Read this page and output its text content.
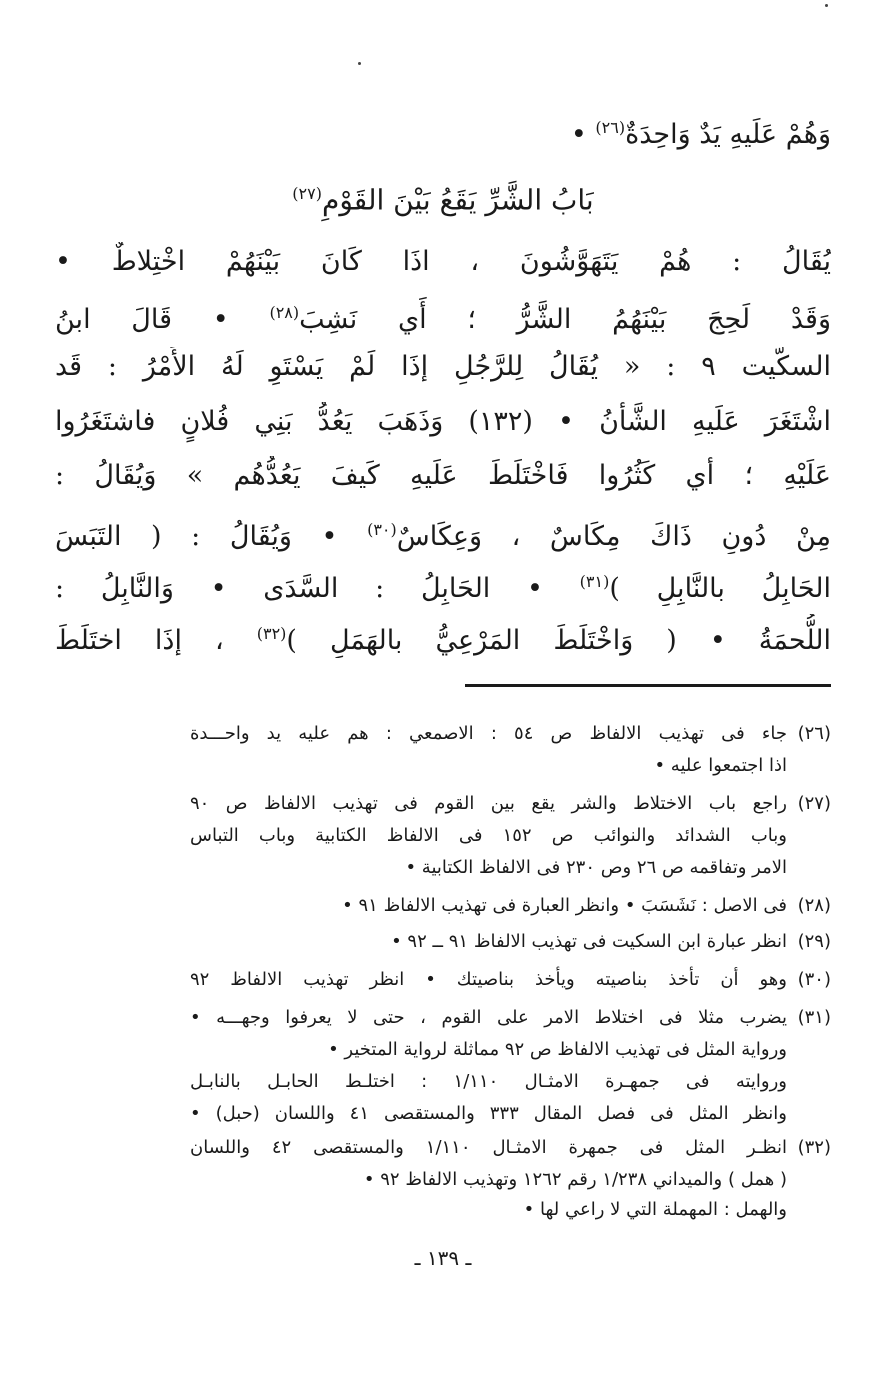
وَهُمْ عَلَيهِ يَدٌ وَاحِدَةٌ$^{(٢٦)}$ •
بَابُ الشَّرِّ يَقَعُ بَيْنَ القَوْمِ$^{(٢٧)}$
يُقَالُ : هُمْ يَتَهَوَّشُونَ ، اذَا كَانَ بَيْنَهُمْ اخْتِلاطٌ •
وَقَدْ لَحِجَ بَيْنَهُمُ الشَّرُّ ؛ أَي نَشِبَ$^{(٢٨)}$ • قَالَ ابنُ
السكّيت ٩ : « يُقَالُ لِلرَّجُلِ إذَا لَمْ يَسْتَوِ لَهُ الأَمْرُ : قَد
اشْتَغَرَ عَلَيهِ الشَّأنُ • (١٣٢) وَذَهَبَ يَعُدُّ بَنِي فُلانٍ فاشتَغَرُوا
عَلَيْهِ ؛ أَي كَثُرُوا فَاخْتَلَطَ عَلَيهِ كَيفَ يَعُدُّهُم » وَيُقَالُ :
مِنْ دُونِ ذَاكَ مِكَاسٌ ، وَعِكَاسٌ$^{(٣٠)}$ • وَيُقَالُ : ( التَبَسَ
الحَابِلُ بالنَّابِلِ )$^{(٣١)}$ • الحَابِلُ : السَّدَى • وَالنَّابِلُ :
اللُّحمَةُ • ( وَاخْتَلَطَ المَرْعِيُّ بالهَمَلِ )$^{(٣٢)}$ ، إذَا اختَلَطَ
(٢٦)جاء فى تهذيب الالفاظ ص ٥٤ : الاصمعي : هم عليه يد واحـــدة
اذا اجتمعوا عليه •
(٢٧)راجع باب الاختلاط والشر يقع بين القوم فى تهذيب الالفاظ ص ٩٠
وباب الشدائد والنوائب ص ١٥٢ فى الالفاظ الكتابية وباب التباس
الامر وتفاقمه ص ٢٦ وص ٢٣٠ فى الالفاظ الكتابية •
(٢٨)فى الاصل : نَشَسَبَ • وانظر العبارة فى تهذيب الالفاظ ٩١ •
(٢٩)انظر عبارة ابن السكيت فى تهذيب الالفاظ ٩١ ــ ٩٢ •
(٣٠)وهو أن تأخذ بناصيته ويأخذ بناصيتك • انظر تهذيب الالفاظ ٩٢
(٣١)يضرب مثلا فى اختلاط الامر على القوم ، حتى لا يعرفوا وجهـــه •
ورواية المثل فى تهذيب الالفاظ ص ٩٢ مماثلة لرواية المتخير •
وروايته فى جمهـرة الامثـال ١/١١٠ : اختلـط الحابـل بالنابـل
وانظر المثل فى فصل المقال ٣٣٣ والمستقصى ٤١ واللسان (حبل) •
(٣٢)انظـر المثل فى جمهرة الامثـال ١/١١٠ والمستقصى ٤٢ واللسان
( همل ) والميداني ١/٢٣٨ رقم ١٢٦٢ وتهذيب الالفاظ ٩٢ •
والهمل : المهملة التي لا راعي لها •
ـ ١٣٩ ـ
